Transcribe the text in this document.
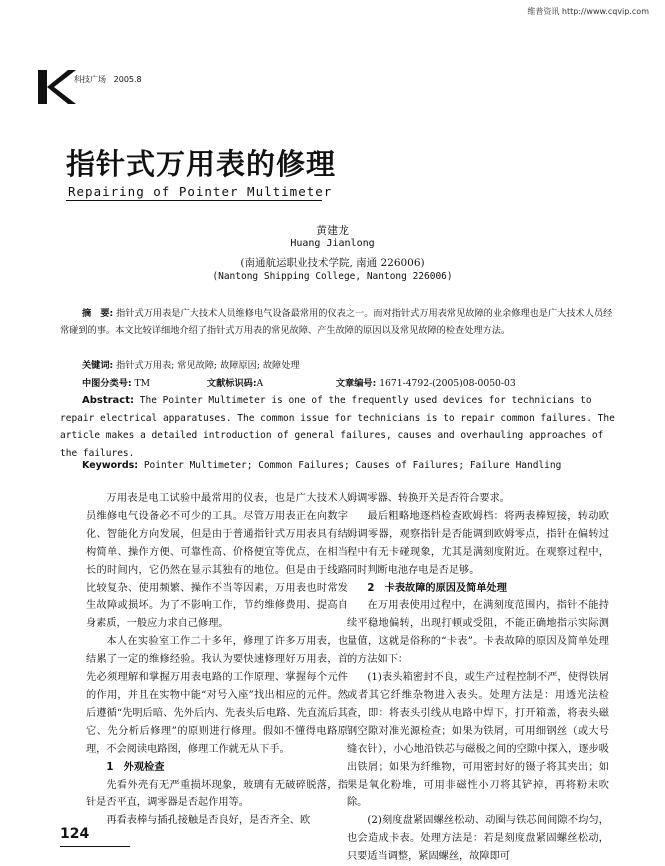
维普资讯 http://www.cqvip.com
科技广场 2005.8
指针式万用表的修理
Repairing of Pointer Multimeter
黄建龙
Huang Jianlong
(南通航运职业技术学院, 南通 226006)
(Nantong Shipping College, Nantong 226006)
摘　要: 指针式万用表是广大技术人员维修电气设备最常用的仪表之一。而对指针式万用表常见故障的业余修理也是广大技术人员经常碰到的事。本文比较详细地介绍了指针式万用表的常见故障、产生故障的原因以及常见故障的检查处理方法。
关键词: 指针式万用表; 常见故障; 故障原因; 故障处理
中图分类号: TM	文献标识码:A	文章编号: 1671-4792-(2005)08-0050-03
Abstract: The Pointer Multimeter is one of the frequently used devices for technicians to repair electrical apparatuses. The common issue for technicians is to repair common failures. The article makes a detailed introduction of general failures, causes and overhauling approaches of the failures.
Keywords: Pointer Multimeter; Common Failures; Causes of Failures; Failure Handling

万用表是电工试验中最常用的仪表，也是广大技术人员维修电气设备必不可少的工具。尽管万用表正在向数字化、智能化方向发展，但是由于普通指针式万用表具有结构简单、操作方便、可靠性高、价格便宜等优点，在相当长的时间内，它仍然在显示其独有的地位。但是由于线路比较复杂、使用频繁、操作不当等因素，万用表也时常发生故障或损坏。为了不影响工作，节约维修费用、提高自身素质，一般应力求自己修理。

本人在实验室工作二十多年，修理了许多万用表，也结累了一定的维修经验。我认为要快速修理好万用表，首先必须理解和掌握万用表电路的工作原理、掌握每个元件的作用，并且在实物中能“对号入座”找出相应的元件。然后遵循“先明后暗、先外后内、先表头后电路、先直流后其它、先分析后修理”的原则进行修理。假如不懂得电路原理，不会阅读电路图，修理工作就无从下手。

1　外观检查

先看外壳有无严重损坏现象，玻璃有无破碎脱落，指针是否平直，调零器是否起作用等。

再看表棒与插孔接触是否良好，是否齐全、欧

姆调零器、转换开关是否符合要求。

最后粗略地逐档检查欧姆档：将两表棒短接，转动欧姆调零器，观察指针是否能调到欧姆零点，指针在偏转过程中有无卡碰现象，尤其是满刻度附近。在观察过程中，同时判断电池存电是否足够。

2　卡表故障的原因及简单处理

在万用表使用过程中，在满刻度范围内，指针不能持续平稳地偏转，出现打顿或受阻，不能正确地指示实际测量值，这就是俗称的“卡表”。卡表故障的原因及简单处理的方法如下：

(1)表头箱密封不良，或生产过程控制不严，使得铁屑或者其它纤维杂物进入表头。处理方法是：用透光法检查，即：将表头引线从电路中焊下，打开箱盖，将表头磁钢空隙对准光源检查；如果为铁屑，可用细钢丝（或大号缝衣针），小心地沿铁芯与磁极之间的空隙中探入，逐步吸出铁屑；如果为纤维物，可用密封好的镊子将其夹出；如果是氧化粉堆，可用非磁性小刀将其铲掉，再将粉末吹除。

(2)刻度盘紧固螺丝松动、动圈与铁芯间间隙不均匀，也会造成卡表。处理方法是：若是刻度盘紧固螺丝松动，只要适当调整，紧固螺丝，故障即可

124
